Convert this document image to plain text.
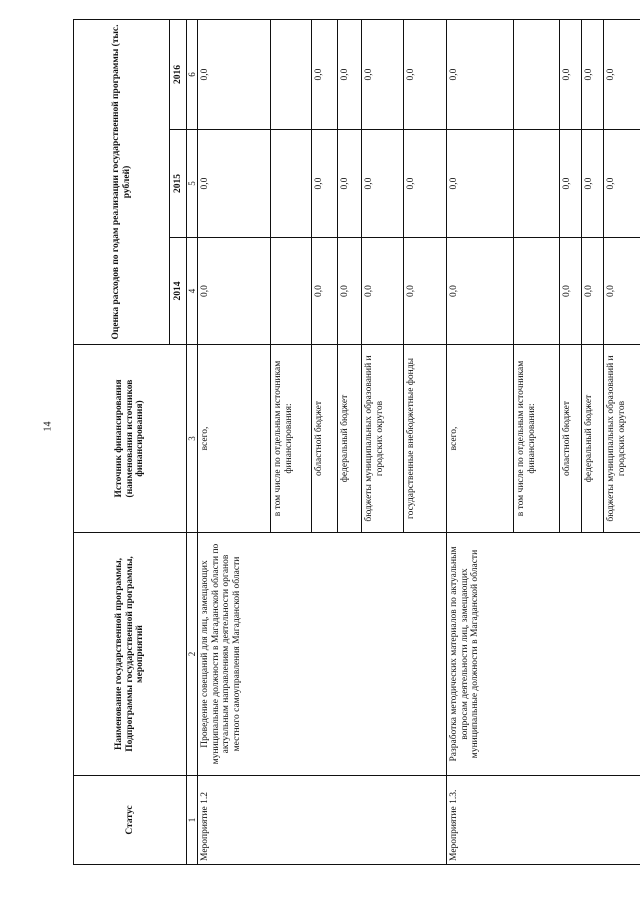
14
Статус	Наименование государственной программы, Подпрограммы государственной программы, мероприятий	Источник финансирования (наименования источников финансирования)	Оценка расходов по годам реализации государственной программы (тыс. рублей)		
			2014	2015	2016
1	2	3	4	5	6
Мероприятие 1.2	Проведение совещаний для лиц, замещающих муниципальные должности в Магаданской области по актуальным направлениям деятельности органов местного самоуправления Магаданской области	всего,	0,0	0,0	0,0
		в том числе по отдельным источникам финансирования:			
		областной бюджет	0,0	0,0	0,0
		федеральный бюджет	0,0	0,0	0,0
		бюджеты муниципальных образований и городских округов	0,0	0,0	0,0
		государственные внебюджетные фонды	0,0	0,0	0,0
Мероприятие 1.3.	Разработка методических материалов по актуальным вопросам деятельности лиц, замещающих муниципальные должности в Магаданской области	всего,	0,0	0,0	0,0
		в том числе по отдельным источникам финансирования:			
		областной бюджет	0,0	0,0	0,0
		федеральный бюджет	0,0	0,0	0,0
		бюджеты муниципальных образований и городских округов	0,0	0,0	0,0
